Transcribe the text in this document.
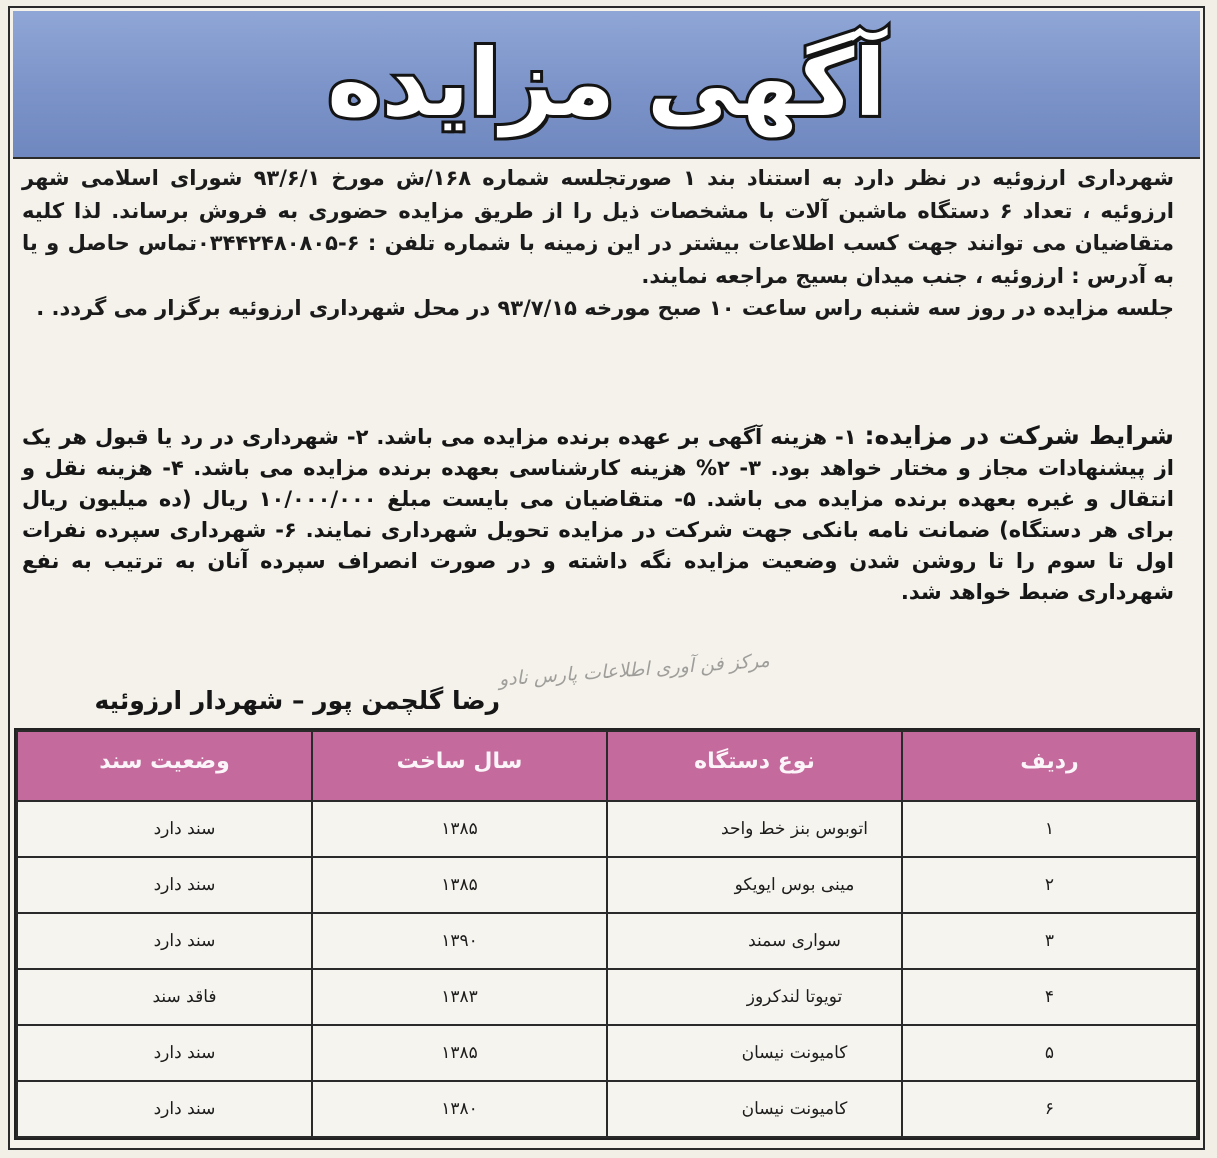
آگهی مزایده

شهرداری ارزوئیه در نظر دارد به استناد بند ۱ صورتجلسه شماره ۱۶۸/ش مورخ ۹۳/۶/۱ شورای اسلامی شهر ارزوئیه ، تعداد ۶ دستگاه ماشین آلات با مشخصات ذیل را از طریق مزایده حضوری به فروش برساند. لذا کلیه متقاضیان می توانند جهت کسب اطلاعات بیشتر در این زمینه با شماره تلفن : ۶-۰۳۴۴۲۴۸۰۸۰۵تماس حاصل و یا به آدرس : ارزوئیه ، جنب میدان بسیج مراجعه نمایند.

جلسه مزایده در روز سه شنبه راس ساعت ۱۰ صبح مورخه ۹۳/۷/۱۵ در محل شهرداری ارزوئیه برگزار می گردد. .

شرایط شرکت در مزایده: ۱- هزینه آگهی بر عهده برنده مزایده می باشد. ۲- شهرداری در رد یا قبول هر یک از پیشنهادات مجاز و مختار خواهد بود. ۳- ۲% هزینه کارشناسی بعهده برنده مزایده می باشد. ۴- هزینه نقل و انتقال و غیره بعهده برنده مزایده می باشد. ۵- متقاضیان می بایست مبلغ ۱۰/۰۰۰/۰۰۰ ریال (ده میلیون ریال برای هر دستگاه) ضمانت نامه بانکی جهت شرکت در مزایده تحویل شهرداری نمایند. ۶- شهرداری سپرده نفرات اول تا سوم را تا روشن شدن وضعیت مزایده نگه داشته و در صورت انصراف سپرده آنان به ترتیب به نفع شهرداری ضبط خواهد شد.
مرکز فن آوری اطلاعات پارس نادو
رضا گلچمن پور – شهردار ارزوئیه
ردیف	نوع دستگاه	سال ساخت	وضعیت سند
۱	اتوبوس بنز خط واحد	۱۳۸۵	سند دارد
۲	مینی بوس ایویکو	۱۳۸۵	سند دارد
۳	سواری سمند	۱۳۹۰	سند دارد
۴	تویوتا لندکروز	۱۳۸۳	فاقد سند
۵	کامیونت نیسان	۱۳۸۵	سند دارد
۶	کامیونت نیسان	۱۳۸۰	سند دارد
